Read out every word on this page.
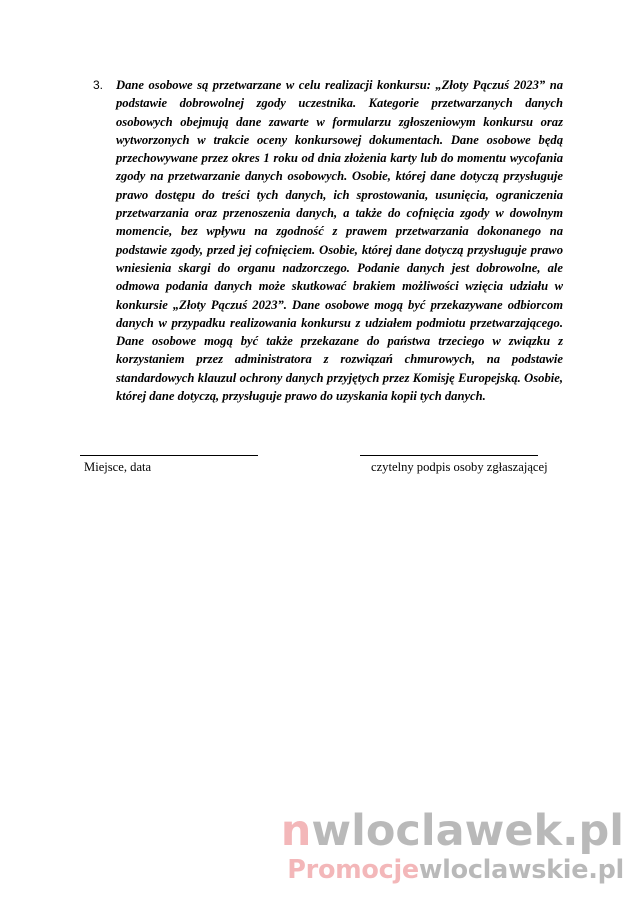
3. Dane osobowe są przetwarzane w celu realizacji konkursu: „Złoty Pączuś 2023” na podstawie dobrowolnej zgody uczestnika. Kategorie przetwarzanych danych osobowych obejmują dane zawarte w formularzu zgłoszeniowym konkursu oraz wytworzonych w trakcie oceny konkursowej dokumentach. Dane osobowe będą przechowywane przez okres 1 roku od dnia złożenia karty lub do momentu wycofania zgody na przetwarzanie danych osobowych. Osobie, której dane dotyczą przysługuje prawo dostępu do treści tych danych, ich sprostowania, usunięcia, ograniczenia przetwarzania oraz przenoszenia danych, a także do cofnięcia zgody w dowolnym momencie, bez wpływu na zgodność z prawem przetwarzania dokonanego na podstawie zgody, przed jej cofnięciem. Osobie, której dane dotyczą przysługuje prawo wniesienia skargi do organu nadzorczego. Podanie danych jest dobrowolne, ale odmowa podania danych może skutkować brakiem możliwości wzięcia udziału w konkursie „Złoty Pączuś 2023”. Dane osobowe mogą być przekazywane odbiorcom danych w przypadku realizowania konkursu z udziałem podmiotu przetwarzającego. Dane osobowe mogą być także przekazane do państwa trzeciego w związku z korzystaniem przez administratora z rozwiązań chmurowych, na podstawie standardowych klauzul ochrony danych przyjętych przez Komisję Europejską. Osobie, której dane dotyczą, przysługuje prawo do uzyskania kopii tych danych.
Miejsce, data	czytelny podpis osoby zgłaszającej
nwloclawek.pl
Promocjewloclawskie.pl
